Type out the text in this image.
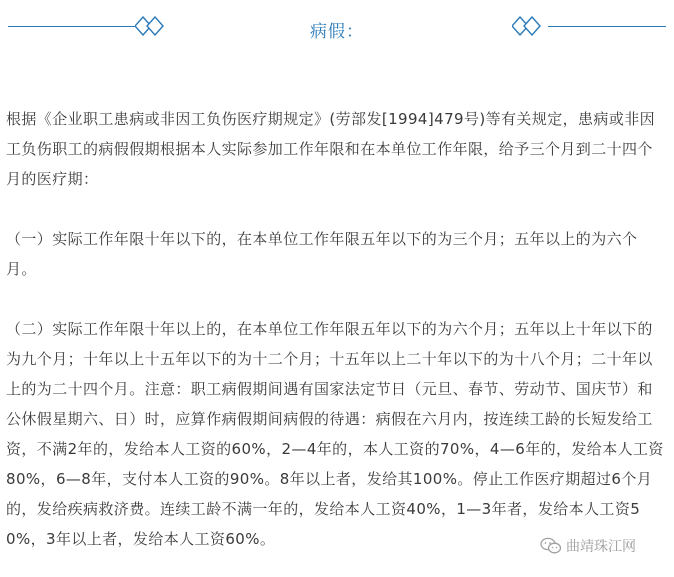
病假：

根据《企业职工患病或非因工负伤医疗期规定》(劳部发[1994]479号)等有关规定，患病或非因工负伤职工的病假假期根据本人实际参加工作年限和在本单位工作年限，给予三个月到二十四个月的医疗期：

（一）实际工作年限十年以下的，在本单位工作年限五年以下的为三个月；五年以上的为六个月。

（二）实际工作年限十年以上的，在本单位工作年限五年以下的为六个月；五年以上十年以下的为九个月；十年以上十五年以下的为十二个月；十五年以上二十年以下的为十八个月；二十年以上的为二十四个月。注意：职工病假期间遇有国家法定节日（元旦、春节、劳动节、国庆节）和公休假星期六、日）时，应算作病假期间病假的待遇：病假在六月内，按连续工龄的长短发给工资，不满2年的，发给本人工资的60%，2—4年的，本人工资的70%，4—6年的，发给本人工资80%，6—8年，支付本人工资的90%。8年以上者，发给其100%。停止工作医疗期超过6个月的，发给疾病救济费。连续工龄不满一年的，发给本人工资40%，1—3年者，发给本人工资50%，3年以上者，发给本人工资60%。	曲靖珠江网
